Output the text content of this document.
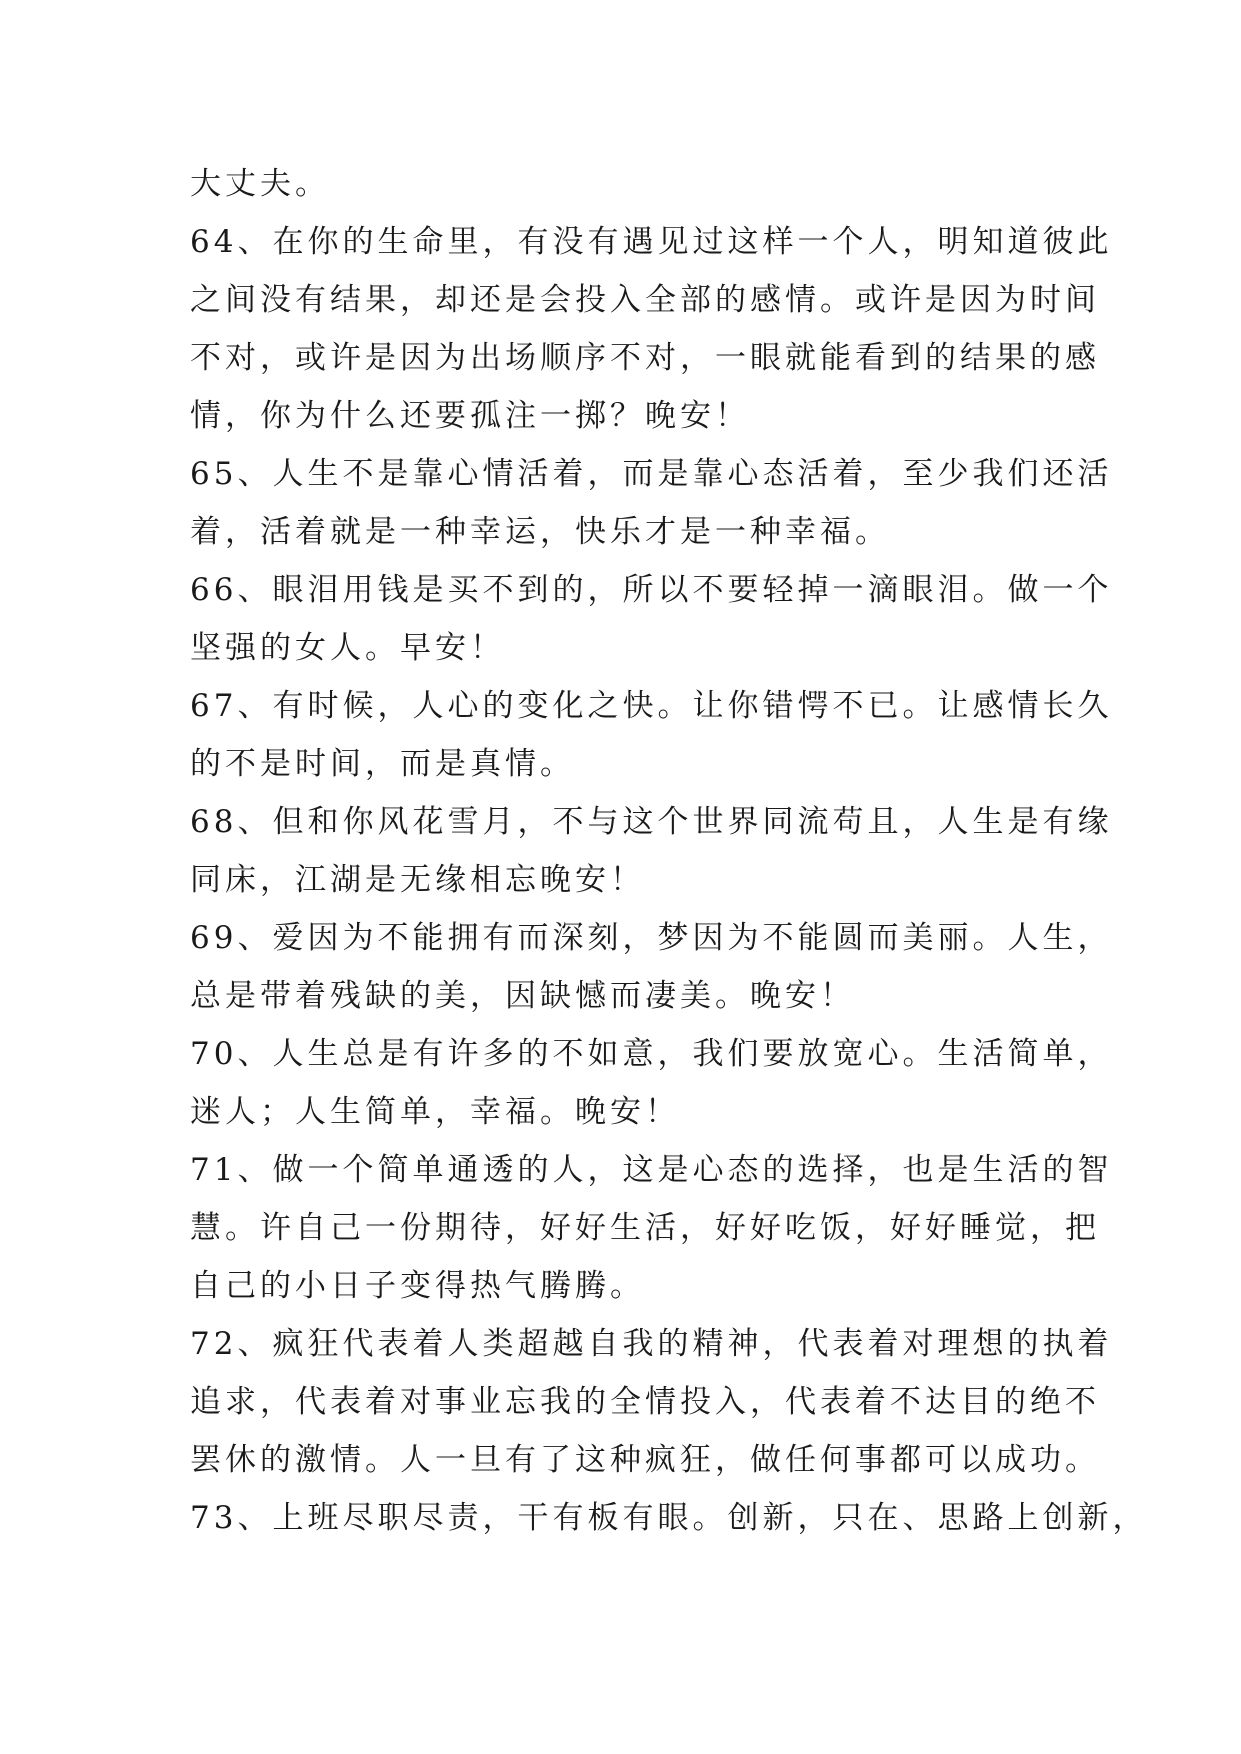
大丈夫。
64、在你的生命里，有没有遇见过这样一个人，明知道彼此
之间没有结果，却还是会投入全部的感情。或许是因为时间
不对，或许是因为出场顺序不对，一眼就能看到的结果的感
情，你为什么还要孤注一掷？晚安！
65、人生不是靠心情活着，而是靠心态活着，至少我们还活
着，活着就是一种幸运，快乐才是一种幸福。
66、眼泪用钱是买不到的，所以不要轻掉一滴眼泪。做一个
坚强的女人。早安！
67、有时候，人心的变化之快。让你错愕不已。让感情长久
的不是时间，而是真情。
68、但和你风花雪月，不与这个世界同流苟且，人生是有缘
同床，江湖是无缘相忘晚安！
69、爱因为不能拥有而深刻，梦因为不能圆而美丽。人生，
总是带着残缺的美，因缺憾而凄美。晚安！
70、人生总是有许多的不如意，我们要放宽心。生活简单，
迷人；人生简单，幸福。晚安！
71、做一个简单通透的人，这是心态的选择，也是生活的智
慧。许自己一份期待，好好生活，好好吃饭，好好睡觉，把
自己的小日子变得热气腾腾。
72、疯狂代表着人类超越自我的精神，代表着对理想的执着
追求，代表着对事业忘我的全情投入，代表着不达目的绝不
罢休的激情。人一旦有了这种疯狂，做任何事都可以成功。
73、上班尽职尽责，干有板有眼。创新，只在、思路上创新，
